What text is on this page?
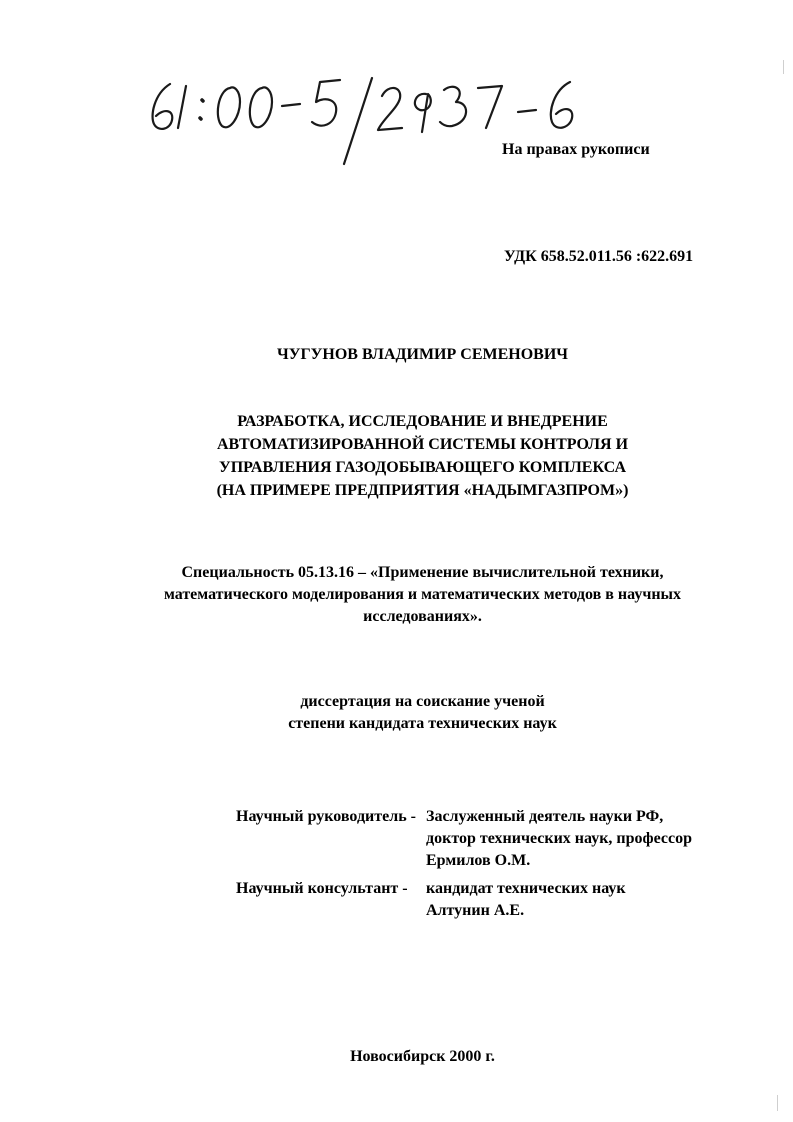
На правах рукописи
УДК 658.52.011.56 :622.691
ЧУГУНОВ ВЛАДИМИР СЕМЕНОВИЧ
РАЗРАБОТКА, ИССЛЕДОВАНИЕ И ВНЕДРЕНИЕ
АВТОМАТИЗИРОВАННОЙ СИСТЕМЫ КОНТРОЛЯ И
УПРАВЛЕНИЯ ГАЗОДОБЫВАЮЩЕГО КОМПЛЕКСА
(НА ПРИМЕРЕ ПРЕДПРИЯТИЯ «НАДЫМГАЗПРОМ»)
Специальность 05.13.16 – «Применение вычислительной техники,
математического моделирования и математических методов в научных
исследованиях».
диссертация на соискание ученой
степени кандидата технических наук
Научный руководитель - Заслуженный деятель науки РФ,
доктор технических наук, профессор
Ермилов О.М.
Научный консультант - кандидат технических наук
Алтунин А.Е.
Новосибирск 2000 г.
